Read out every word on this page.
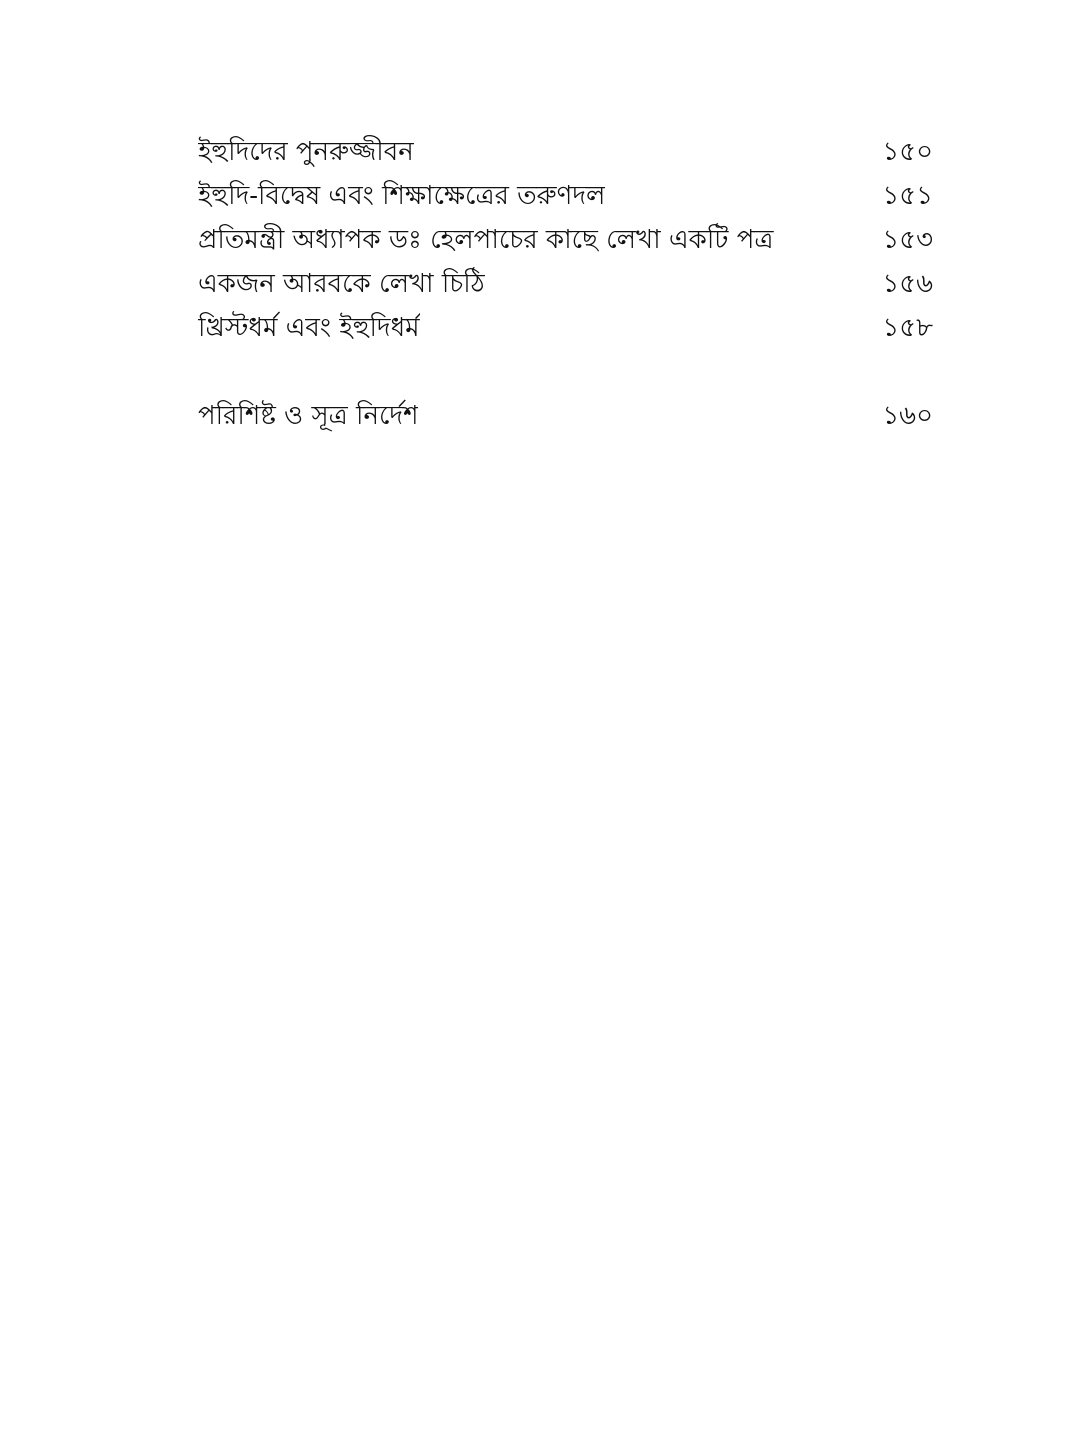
ইহুদিদের পুনরুজ্জীবন	১৫০
ইহুদি-বিদ্বেষ এবং শিক্ষাক্ষেত্রের তরুণদল	১৫১
প্রতিমন্ত্রী অধ্যাপক ডঃ হেলপাচের কাছে লেখা একটি পত্র	১৫৩
একজন আরবকে লেখা চিঠি	১৫৬
খ্রিস্টধর্ম এবং ইহুদিধর্ম	১৫৮
পরিশিষ্ট ও সূত্র নির্দেশ	১৬০
